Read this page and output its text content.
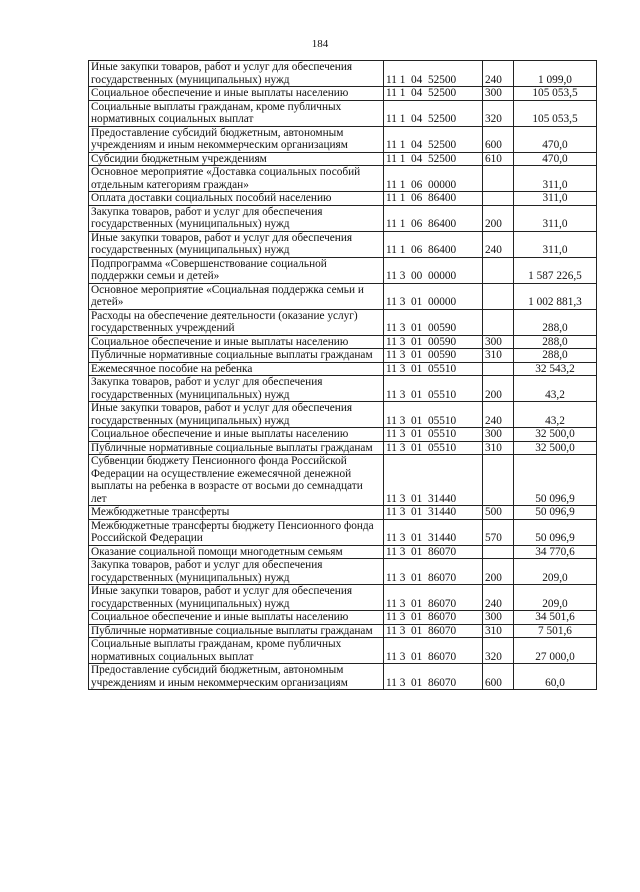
184
Иные закупки товаров, работ и услуг для обеспечения государственных (муниципальных) нужд	11 1  04  52500	240	1 099,0
Социальное обеспечение и иные выплаты населению	11 1  04  52500	300	105 053,5
Социальные выплаты гражданам, кроме публичных нормативных социальных выплат	11 1  04  52500	320	105 053,5
Предоставление субсидий бюджетным, автономным учреждениям и иным некоммерческим организациям	11 1  04  52500	600	470,0
Субсидии бюджетным учреждениям	11 1  04  52500	610	470,0
Основное мероприятие «Доставка социальных пособий отдельным категориям граждан»	11 1  06  00000		311,0
Оплата доставки социальных пособий населению	11 1  06  86400		311,0
Закупка товаров, работ и услуг для обеспечения государственных (муниципальных) нужд	11 1  06  86400	200	311,0
Иные закупки товаров, работ и услуг для обеспечения государственных (муниципальных) нужд	11 1  06  86400	240	311,0
Подпрограмма «Совершенствование социальной поддержки семьи и детей»	11 3  00  00000		1 587 226,5
Основное мероприятие «Социальная поддержка семьи и детей»	11 3  01  00000		1 002 881,3
Расходы на обеспечение деятельности (оказание услуг) государственных учреждений	11 3  01  00590		288,0
Социальное обеспечение и иные выплаты населению	11 3  01  00590	300	288,0
Публичные нормативные социальные выплаты гражданам	11 3  01  00590	310	288,0
Ежемесячное пособие на ребенка	11 3  01  05510		32 543,2
Закупка товаров, работ и услуг для обеспечения государственных (муниципальных) нужд	11 3  01  05510	200	43,2
Иные закупки товаров, работ и услуг для обеспечения государственных (муниципальных) нужд	11 3  01  05510	240	43,2
Социальное обеспечение и иные выплаты населению	11 3  01  05510	300	32 500,0
Публичные нормативные социальные выплаты гражданам	11 3  01  05510	310	32 500,0
Субвенции бюджету Пенсионного фонда Российской Федерации на осуществление ежемесячной денежной выплаты на ребенка в возрасте от восьми до семнадцати лет	11 3  01  31440		50 096,9
Межбюджетные трансферты	11 3  01  31440	500	50 096,9
Межбюджетные трансферты бюджету Пенсионного фонда Российской Федерации	11 3  01  31440	570	50 096,9
Оказание социальной помощи многодетным семьям	11 3  01  86070		34 770,6
Закупка товаров, работ и услуг для обеспечения государственных (муниципальных) нужд	11 3  01  86070	200	209,0
Иные закупки товаров, работ и услуг для обеспечения государственных (муниципальных) нужд	11 3  01  86070	240	209,0
Социальное обеспечение и иные выплаты населению	11 3  01  86070	300	34 501,6
Публичные нормативные социальные выплаты гражданам	11 3  01  86070	310	7 501,6
Социальные выплаты гражданам, кроме публичных нормативных социальных выплат	11 3  01  86070	320	27 000,0
Предоставление субсидий бюджетным, автономным учреждениям и иным некоммерческим организациям	11 3  01  86070	600	60,0
